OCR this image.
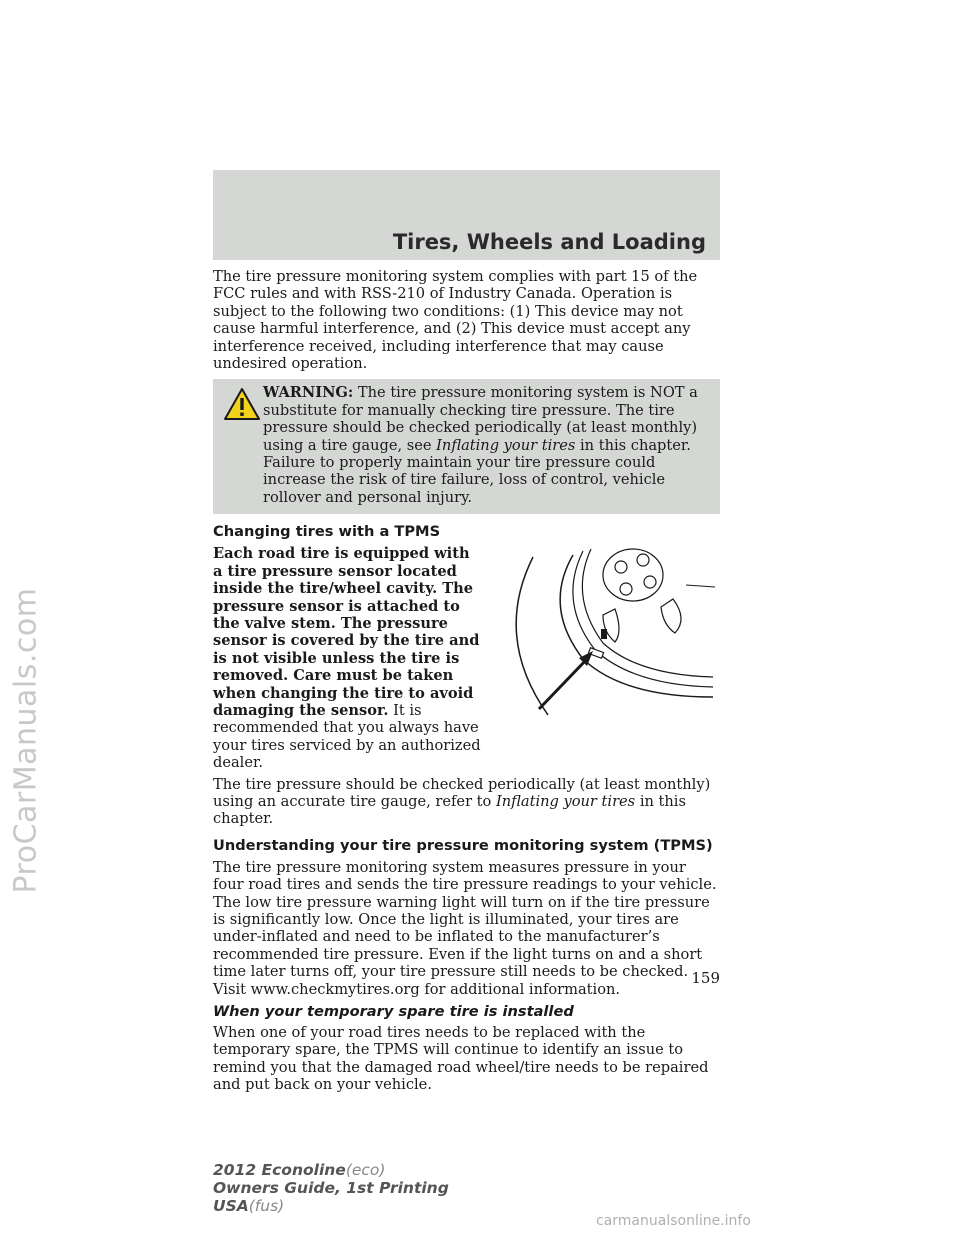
ProCarManuals.com
Tires, Wheels and Loading

The tire pressure monitoring system complies with part 15 of the FCC rules and with RSS-210 of Industry Canada. Operation is subject to the following two conditions: (1) This device may not cause harmful interference, and (2) This device must accept any interference received, including interference that may cause undesired operation.

WARNING: The tire pressure monitoring system is NOT a substitute for manually checking tire pressure. The tire pressure should be checked periodically (at least monthly) using a tire gauge, see Inflating your tires in this chapter. Failure to properly maintain your tire pressure could increase the risk of tire failure, loss of control, vehicle rollover and personal injury.
Changing tires with a TPMS

Each road tire is equipped with a tire pressure sensor located inside the tire/wheel cavity. The pressure sensor is attached to the valve stem. The pressure sensor is covered by the tire and is not visible unless the tire is removed. Care must be taken when changing the tire to avoid damaging the sensor. It is recommended that you always have your tires serviced by an authorized dealer.

The tire pressure should be checked periodically (at least monthly) using an accurate tire gauge, refer to Inflating your tires in this chapter.

Understanding your tire pressure monitoring system (TPMS)

The tire pressure monitoring system measures pressure in your four road tires and sends the tire pressure readings to your vehicle. The low tire pressure warning light will turn on if the tire pressure is significantly low. Once the light is illuminated, your tires are under-inflated and need to be inflated to the manufacturer’s recommended tire pressure. Even if the light turns on and a short time later turns off, your tire pressure still needs to be checked. Visit www.checkmytires.org for additional information.

When your temporary spare tire is installed

When one of your road tires needs to be replaced with the temporary spare, the TPMS will continue to identify an issue to remind you that the damaged road wheel/tire needs to be repaired and put back on your vehicle.

159
2012 Econoline(eco)
Owners Guide, 1st Printing
USA(fus)
carmanualsonline.info
